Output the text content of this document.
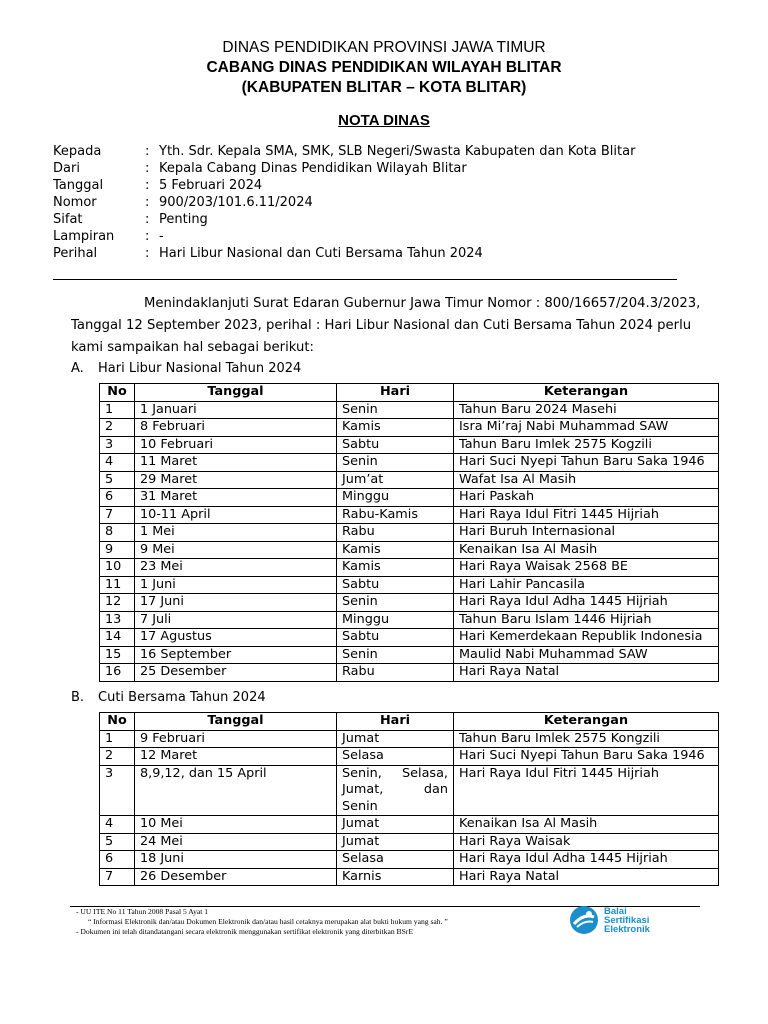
DINAS PENDIDIKAN PROVINSI JAWA TIMUR
CABANG DINAS PENDIDIKAN WILAYAH BLITAR
(KABUPATEN BLITAR – KOTA BLITAR)
NOTA DINAS
Kepada	: Yth. Sdr. Kepala SMA, SMK, SLB Negeri/Swasta Kabupaten dan Kota Blitar
Dari	: Kepala Cabang Dinas Pendidikan Wilayah Blitar
Tanggal	: 5 Februari 2024
Nomor	: 900/203/101.6.11/2024
Sifat	: Penting
Lampiran : -
Perihal	: Hari Libur Nasional dan Cuti Bersama Tahun 2024
Menindaklanjuti Surat Edaran Gubernur Jawa Timur Nomor : 800/16657/204.3/2023,
Tanggal 12 September 2023, perihal : Hari Libur Nasional dan Cuti Bersama Tahun 2024 perlu
kami sampaikan hal sebagai berikut:
A. Hari Libur Nasional Tahun 2024
No	Tanggal	Hari	Keterangan
1	1 Januari	Senin	Tahun Baru 2024 Masehi
2	8 Februari	Kamis	Isra Mi’raj Nabi Muhammad SAW
3	10 Februari	Sabtu	Tahun Baru Imlek 2575 Kogzili
4	11 Maret	Senin	Hari Suci Nyepi Tahun Baru Saka 1946
5	29 Maret	Jum’at	Wafat Isa Al Masih
6	31 Maret	Minggu	Hari Paskah
7	10-11 April	Rabu-Kamis	Hari Raya Idul Fitri 1445 Hijriah
8	1 Mei	Rabu	Hari Buruh Internasional
9	9 Mei	Kamis	Kenaikan Isa Al Masih
10	23 Mei	Kamis	Hari Raya Waisak 2568 BE
11	1 Juni	Sabtu	Hari Lahir Pancasila
12	17 Juni	Senin	Hari Raya Idul Adha 1445 Hijriah
13	7 Juli	Minggu	Tahun Baru Islam 1446 Hijriah
14	17 Agustus	Sabtu	Hari Kemerdekaan Republik Indonesia
15	16 September	Senin	Maulid Nabi Muhammad SAW
16	25 Desember	Rabu	Hari Raya Natal
B. Cuti Bersama Tahun 2024
No	Tanggal	Hari	Keterangan
1	9 Februari	Jumat	Tahun Baru Imlek 2575 Kongzili
2	12 Maret	Selasa	Hari Suci Nyepi Tahun Baru Saka 1946
3	8,9,12, dan 15 April	Senin, Selasa, Jumat, dan Senin	Hari Raya Idul Fitri 1445 Hijriah
4	10 Mei	Jumat	Kenaikan Isa Al Masih
5	24 Mei	Jumat	Hari Raya Waisak
6	18 Juni	Selasa	Hari Raya Idul Adha 1445 Hijriah
7	26 Desember	Karnis	Hari Raya Natal
- UU ITE No 11 Tahun 2008 Pasal 5 Ayat 1
“ Informasi Elektronik dan/atau Dokumen Elektronik dan/atau hasil cetaknya merupakan alat bukti hukum yang sah. ”
- Dokumen ini telah ditandatangani secara elektronik menggunakan sertifikat elektronik yang diterbitkan BSrE
Balai
Sertifikasi
Elektronik
